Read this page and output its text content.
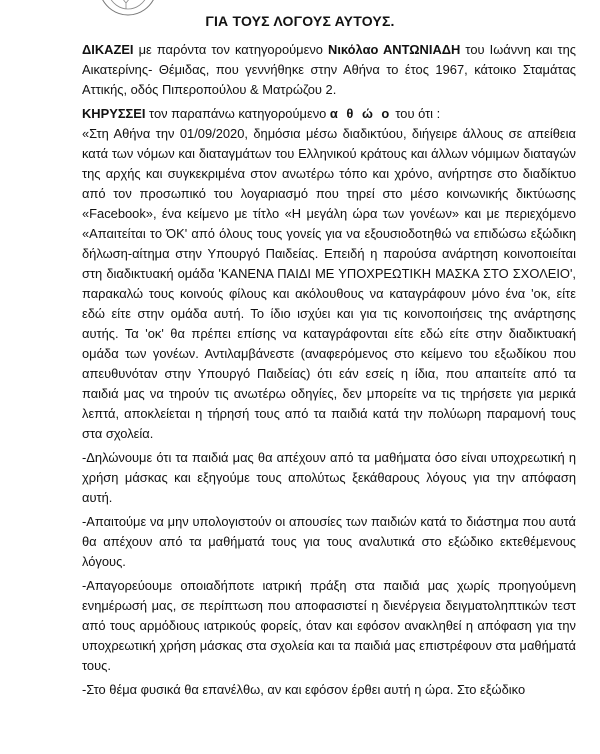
ΓΙΑ ΤΟΥΣ ΛΟΓΟΥΣ ΑΥΤΟΥΣ.

ΔΙΚΑΖΕΙ με παρόντα τον κατηγορούμενο Νικόλαο ΑΝΤΩΝΙΑΔΗ του Ιωάννη και της Αικατερίνης- Θέμιδας, που γεννήθηκε στην Αθήνα το έτος 1967, κάτοικο Σταμάτας Αττικής, οδός Πιπεροπούλου & Ματρώζου 2.

ΚΗΡΥΣΣΕΙ τον παραπάνω κατηγορούμενο α θ ώ ο του ότι :

«Στη Αθήνα την 01/09/2020, δημόσια μέσω διαδικτύου, διήγειρε άλλους σε απείθεια κατά των νόμων και διαταγμάτων του Ελληνικού κράτους και άλλων νόμιμων διαταγών της αρχής και συγκεκριμένα στον ανωτέρω τόπο και χρόνο, ανήρτησε στο διαδίκτυο από τον προσωπικό του λογαριασμό που τηρεί στο μέσο κοινωνικής δικτύωσης «Facebook», ένα κείμενο με τίτλο «Η μεγάλη ώρα των γονέων» και με περιεχόμενο «Απαιτείται το ΌΚ' από όλους τους γονείς για να εξουσιοδοτηθώ να επιδώσω εξώδικη δήλωση-αίτημα στην Υπουργό Παιδείας. Επειδή η παρούσα ανάρτηση κοινοποιείται στη διαδικτυακή ομάδα 'ΚΑΝΕΝΑ ΠΑΙΔΙ ΜΕ ΥΠΟΧΡΕΩΤΙΚΗ ΜΑΣΚΑ ΣΤΟ ΣΧΟΛΕΙΟ', παρακαλώ τους κοινούς φίλους και ακόλουθους να καταγράφουν μόνο ένα 'οκ, είτε εδώ είτε στην ομάδα αυτή. Το ίδιο ισχύει και για τις κοινοποιήσεις της ανάρτησης αυτής. Τα 'οκ' θα πρέπει επίσης να καταγράφονται είτε εδώ είτε στην διαδικτυακή ομάδα των γονέων. Αντιλαμβάνεστε (αναφερόμενος στο κείμενο του εξωδίκου που απευθυνόταν στην Υπουργό Παιδείας) ότι εάν εσείς η ίδια, που απαιτείτε από τα παιδιά μας να τηρούν τις ανωτέρω οδηγίες, δεν μπορείτε να τις τηρήσετε για μερικά λεπτά, αποκλείεται η τήρησή τους από τα παιδιά κατά την πολύωρη παραμονή τους στα σχολεία.

-Δηλώνουμε ότι τα παιδιά μας θα απέχουν από τα μαθήματα όσο είναι υποχρεωτική η χρήση μάσκας και εξηγούμε τους απολύτως ξεκάθαρους λόγους για την απόφαση αυτή.

-Απαιτούμε να μην υπολογιστούν οι απουσίες των παιδιών κατά το διάστημα που αυτά θα απέχουν από τα μαθήματά τους για τους αναλυτικά στο εξώδικο εκτεθέμενους λόγους.

-Απαγορεύουμε οποιαδήποτε ιατρική πράξη στα παιδιά μας χωρίς προηγούμενη ενημέρωσή μας, σε περίπτωση που αποφασιστεί η διενέργεια δειγματοληπτικών τεστ από τους αρμόδιους ιατρικούς φορείς, όταν και εφόσον ανακληθεί η απόφαση για την υποχρεωτική χρήση μάσκας στα σχολεία και τα παιδιά μας επιστρέφουν στα μαθήματά τους.

-Στο θέμα φυσικά θα επανέλθω, αν και εφόσον έρθει αυτή η ώρα. Στο εξώδικο
